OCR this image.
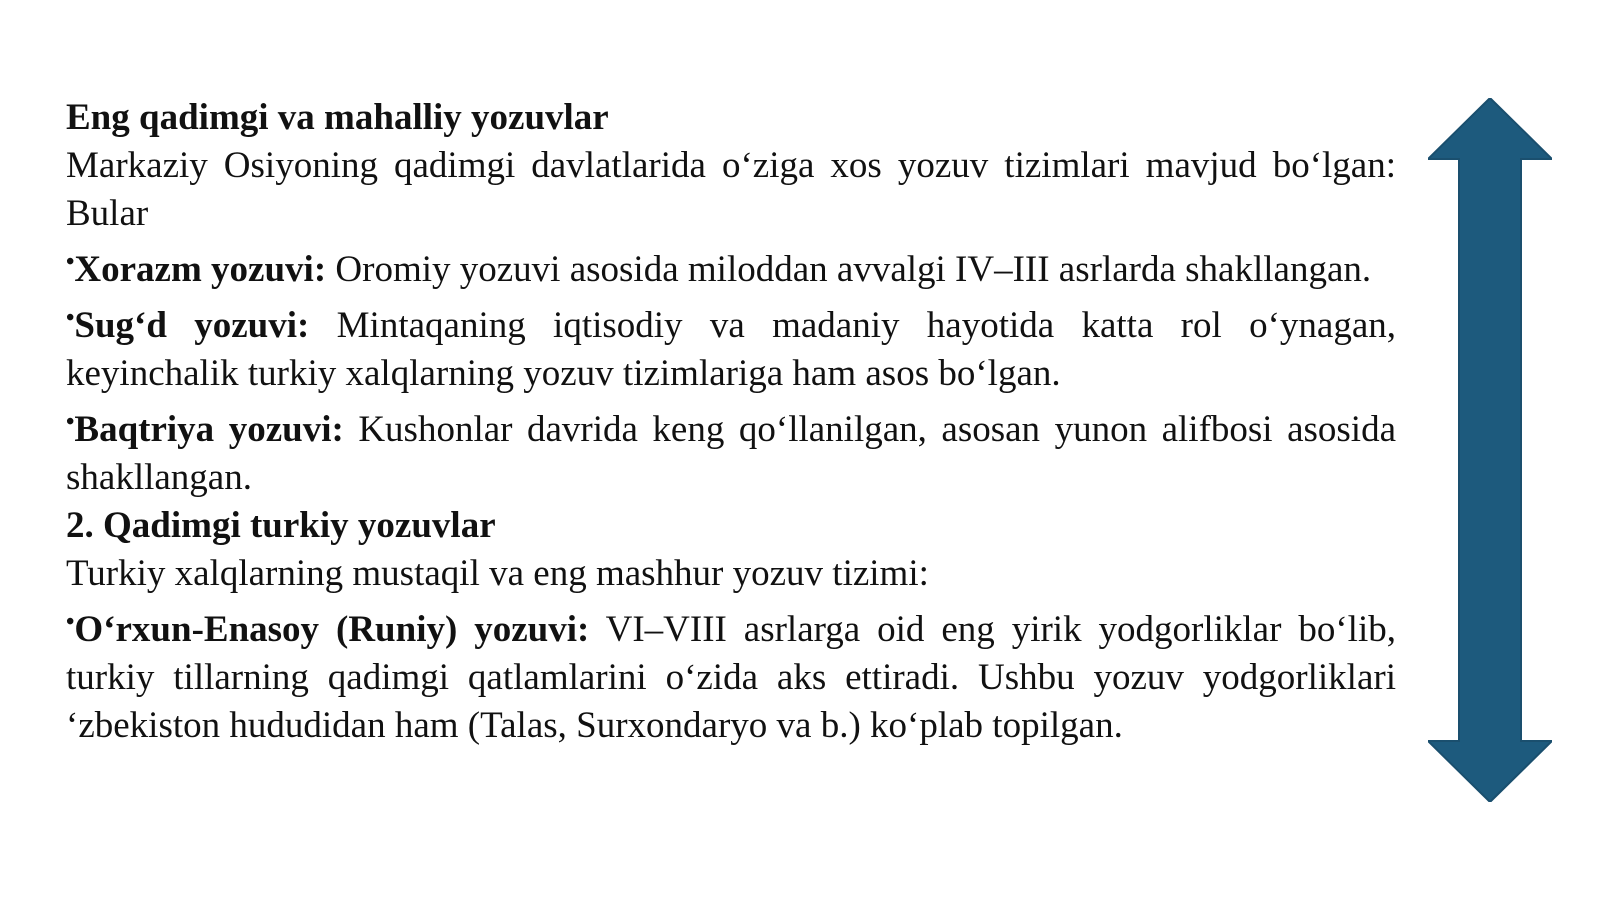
Eng qadimgi va mahalliy yozuvlar

Markaziy Osiyoning qadimgi davlatlarida o‘ziga xos yozuv tizimlari mavjud bo‘lgan: Bular

•Xorazm yozuvi: Oromiy yozuvi asosida miloddan avvalgi IV–III asrlarda shakllangan.

•Sug‘d yozuvi: Mintaqaning iqtisodiy va madaniy hayotida katta rol o‘ynagan, keyinchalik turkiy xalqlarning yozuv tizimlariga ham asos bo‘lgan.

•Baqtriya yozuvi: Kushonlar davrida keng qo‘llanilgan, asosan yunon alifbosi asosida shakllangan.

2. Qadimgi turkiy yozuvlar

Turkiy xalqlarning mustaqil va eng mashhur yozuv tizimi:

•O‘rxun-Enasoy (Runiy) yozuvi: VI–VIII asrlarga oid eng yirik yodgorliklar bo‘lib, turkiy tillarning qadimgi qatlamlarini o‘zida aks ettiradi. Ushbu yozuv yodgorliklari ‘zbekiston hududidan ham (Talas, Surxondaryo va b.) ko‘plab topilgan.
